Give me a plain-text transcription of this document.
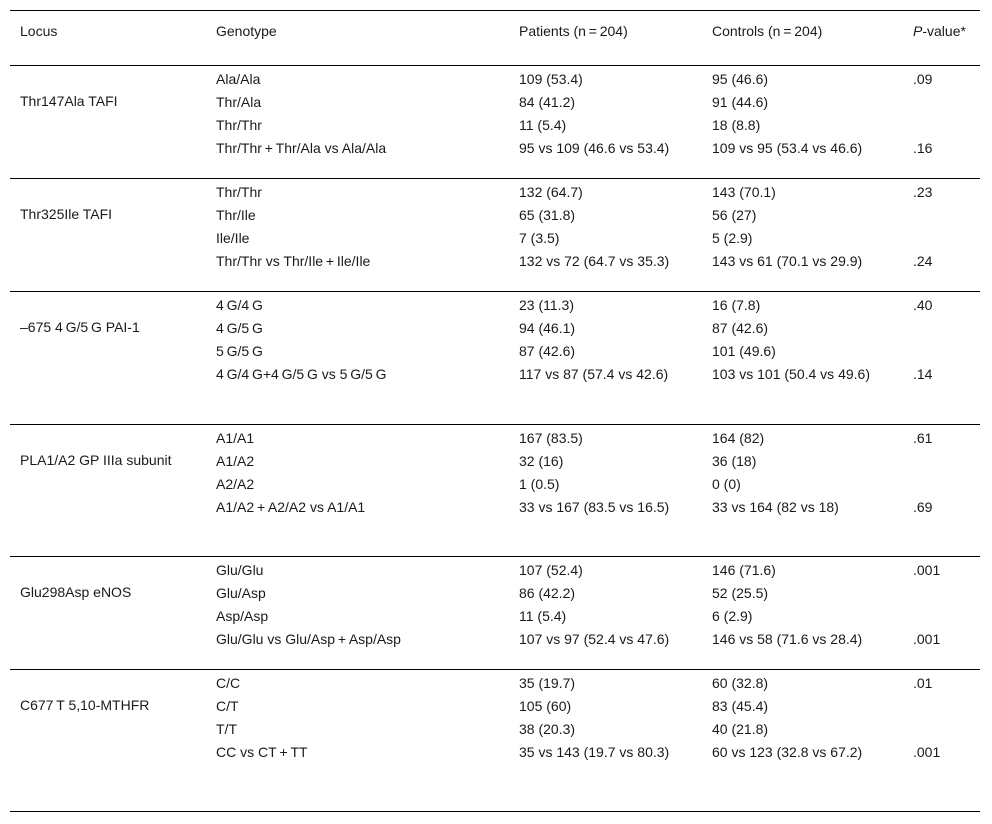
Locus	Genotype	Patients (n = 204)	Controls (n = 204)	P-value*
Thr147Ala TAFI
Ala/Ala	109 (53.4)	95 (46.6)	.09
Thr/Ala	84 (41.2)	91 (44.6)
Thr/Thr	11 (5.4)	18 (8.8)
Thr/Thr + Thr/Ala vs Ala/Ala	95 vs 109 (46.6 vs 53.4)	109 vs 95 (53.4 vs 46.6)	.16
Thr325Ile TAFI
Thr/Thr	132 (64.7)	143 (70.1)	.23
Thr/Ile	65 (31.8)	56 (27)
Ile/Ile	7 (3.5)	5 (2.9)
Thr/Thr vs Thr/Ile + Ile/Ile	132 vs 72 (64.7 vs 35.3)	143 vs 61 (70.1 vs 29.9)	.24
–675 4 G/5 G PAI-1
4 G/4 G	23 (11.3)	16 (7.8)	.40
4 G/5 G	94 (46.1)	87 (42.6)
5 G/5 G	87 (42.6)	101 (49.6)
4 G/4 G+4 G/5 G vs 5 G/5 G	117 vs 87 (57.4 vs 42.6)	103 vs 101 (50.4 vs 49.6)	.14
PLA1/A2 GP IIIa subunit
A1/A1	167 (83.5)	164 (82)	.61
A1/A2	32 (16)	36 (18)
A2/A2	1 (0.5)	0 (0)
A1/A2 + A2/A2 vs A1/A1	33 vs 167 (83.5 vs 16.5)	33 vs 164 (82 vs 18)	.69
Glu298Asp eNOS
Glu/Glu	107 (52.4)	146 (71.6)	.001
Glu/Asp	86 (42.2)	52 (25.5)
Asp/Asp	11 (5.4)	6 (2.9)
Glu/Glu vs Glu/Asp + Asp/Asp	107 vs 97 (52.4 vs 47.6)	146 vs 58 (71.6 vs 28.4)	.001
C677 T 5,10-MTHFR
C/C	35 (19.7)	60 (32.8)	.01
C/T	105 (60)	83 (45.4)
T/T	38 (20.3)	40 (21.8)
CC vs CT + TT	35 vs 143 (19.7 vs 80.3)	60 vs 123 (32.8 vs 67.2)	.001
